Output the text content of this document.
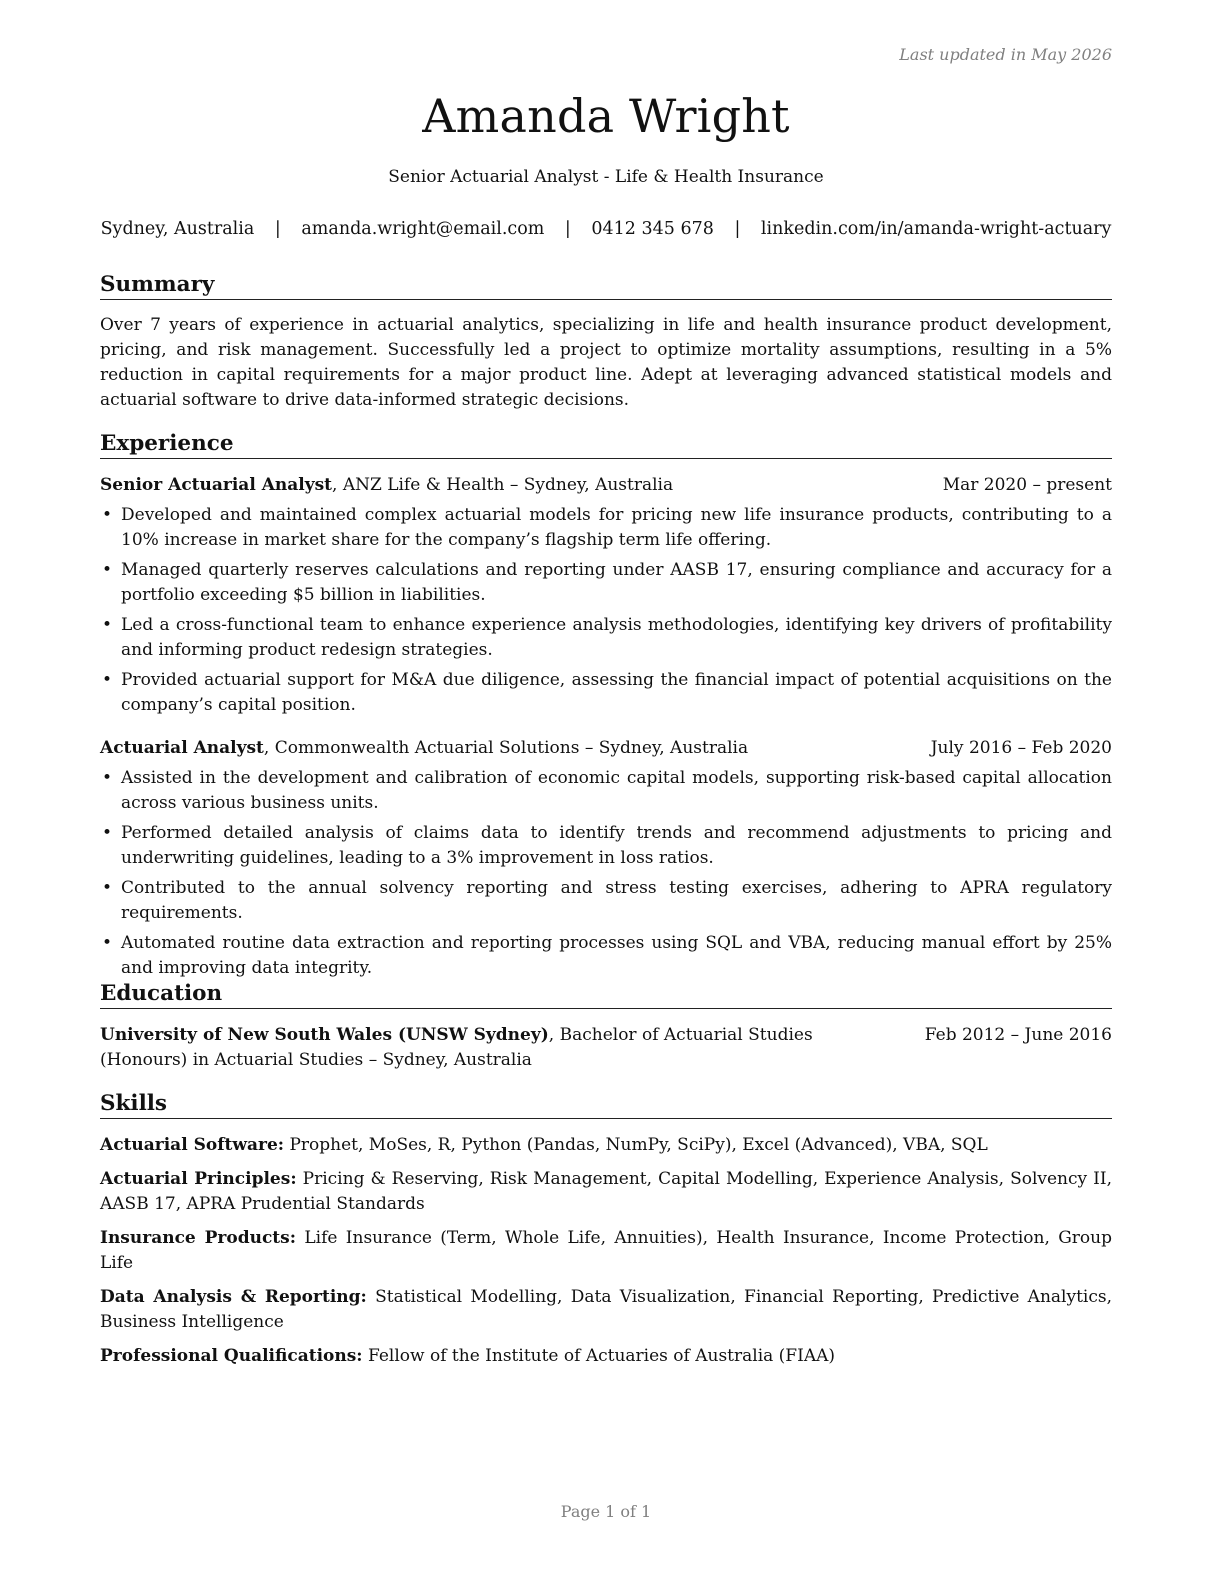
Last updated in May 2026
Amanda Wright
Senior Actuarial Analyst - Life & Health Insurance
Sydney, Australia | amanda.wright@email.com | 0412 345 678 | linkedin.com/in/amanda-wright-actuary
Summary
Over 7 years of experience in actuarial analytics, specializing in life and health insurance product development, pricing, and risk management. Successfully led a project to optimize mortality assumptions, resulting in a 5% reduction in capital requirements for a major product line. Adept at leveraging advanced statistical models and actuarial software to drive data-informed strategic decisions.
Experience
Senior Actuarial Analyst, ANZ Life & Health – Sydney, Australia	Mar 2020 – present
• Developed and maintained complex actuarial models for pricing new life insurance products, contributing to a 10% increase in market share for the company’s flagship term life offering.
• Managed quarterly reserves calculations and reporting under AASB 17, ensuring compliance and accuracy for a portfolio exceeding $5 billion in liabilities.
• Led a cross-functional team to enhance experience analysis methodologies, identifying key drivers of profitability and informing product redesign strategies.
• Provided actuarial support for M&A due diligence, assessing the financial impact of potential acquisitions on the company’s capital position.
Actuarial Analyst, Commonwealth Actuarial Solutions – Sydney, Australia	July 2016 – Feb 2020
• Assisted in the development and calibration of economic capital models, supporting risk-based capital allocation across various business units.
• Performed detailed analysis of claims data to identify trends and recommend adjustments to pricing and underwriting guidelines, leading to a 3% improvement in loss ratios.
• Contributed to the annual solvency reporting and stress testing exercises, adhering to APRA regulatory requirements.
• Automated routine data extraction and reporting processes using SQL and VBA, reducing manual effort by 25% and improving data integrity.
Education
University of New South Wales (UNSW Sydney), Bachelor of Actuarial Studies (Honours) in Actuarial Studies – Sydney, Australia
Feb 2012 – June 2016
Skills
Actuarial Software: Prophet, MoSes, R, Python (Pandas, NumPy, SciPy), Excel (Advanced), VBA, SQL
Actuarial Principles: Pricing & Reserving, Risk Management, Capital Modelling, Experience Analysis, Solvency II, AASB 17, APRA Prudential Standards
Insurance Products: Life Insurance (Term, Whole Life, Annuities), Health Insurance, Income Protection, Group Life
Data Analysis & Reporting: Statistical Modelling, Data Visualization, Financial Reporting, Predictive Analytics, Business Intelligence
Professional Qualifications: Fellow of the Institute of Actuaries of Australia (FIAA)
Page 1 of 1
